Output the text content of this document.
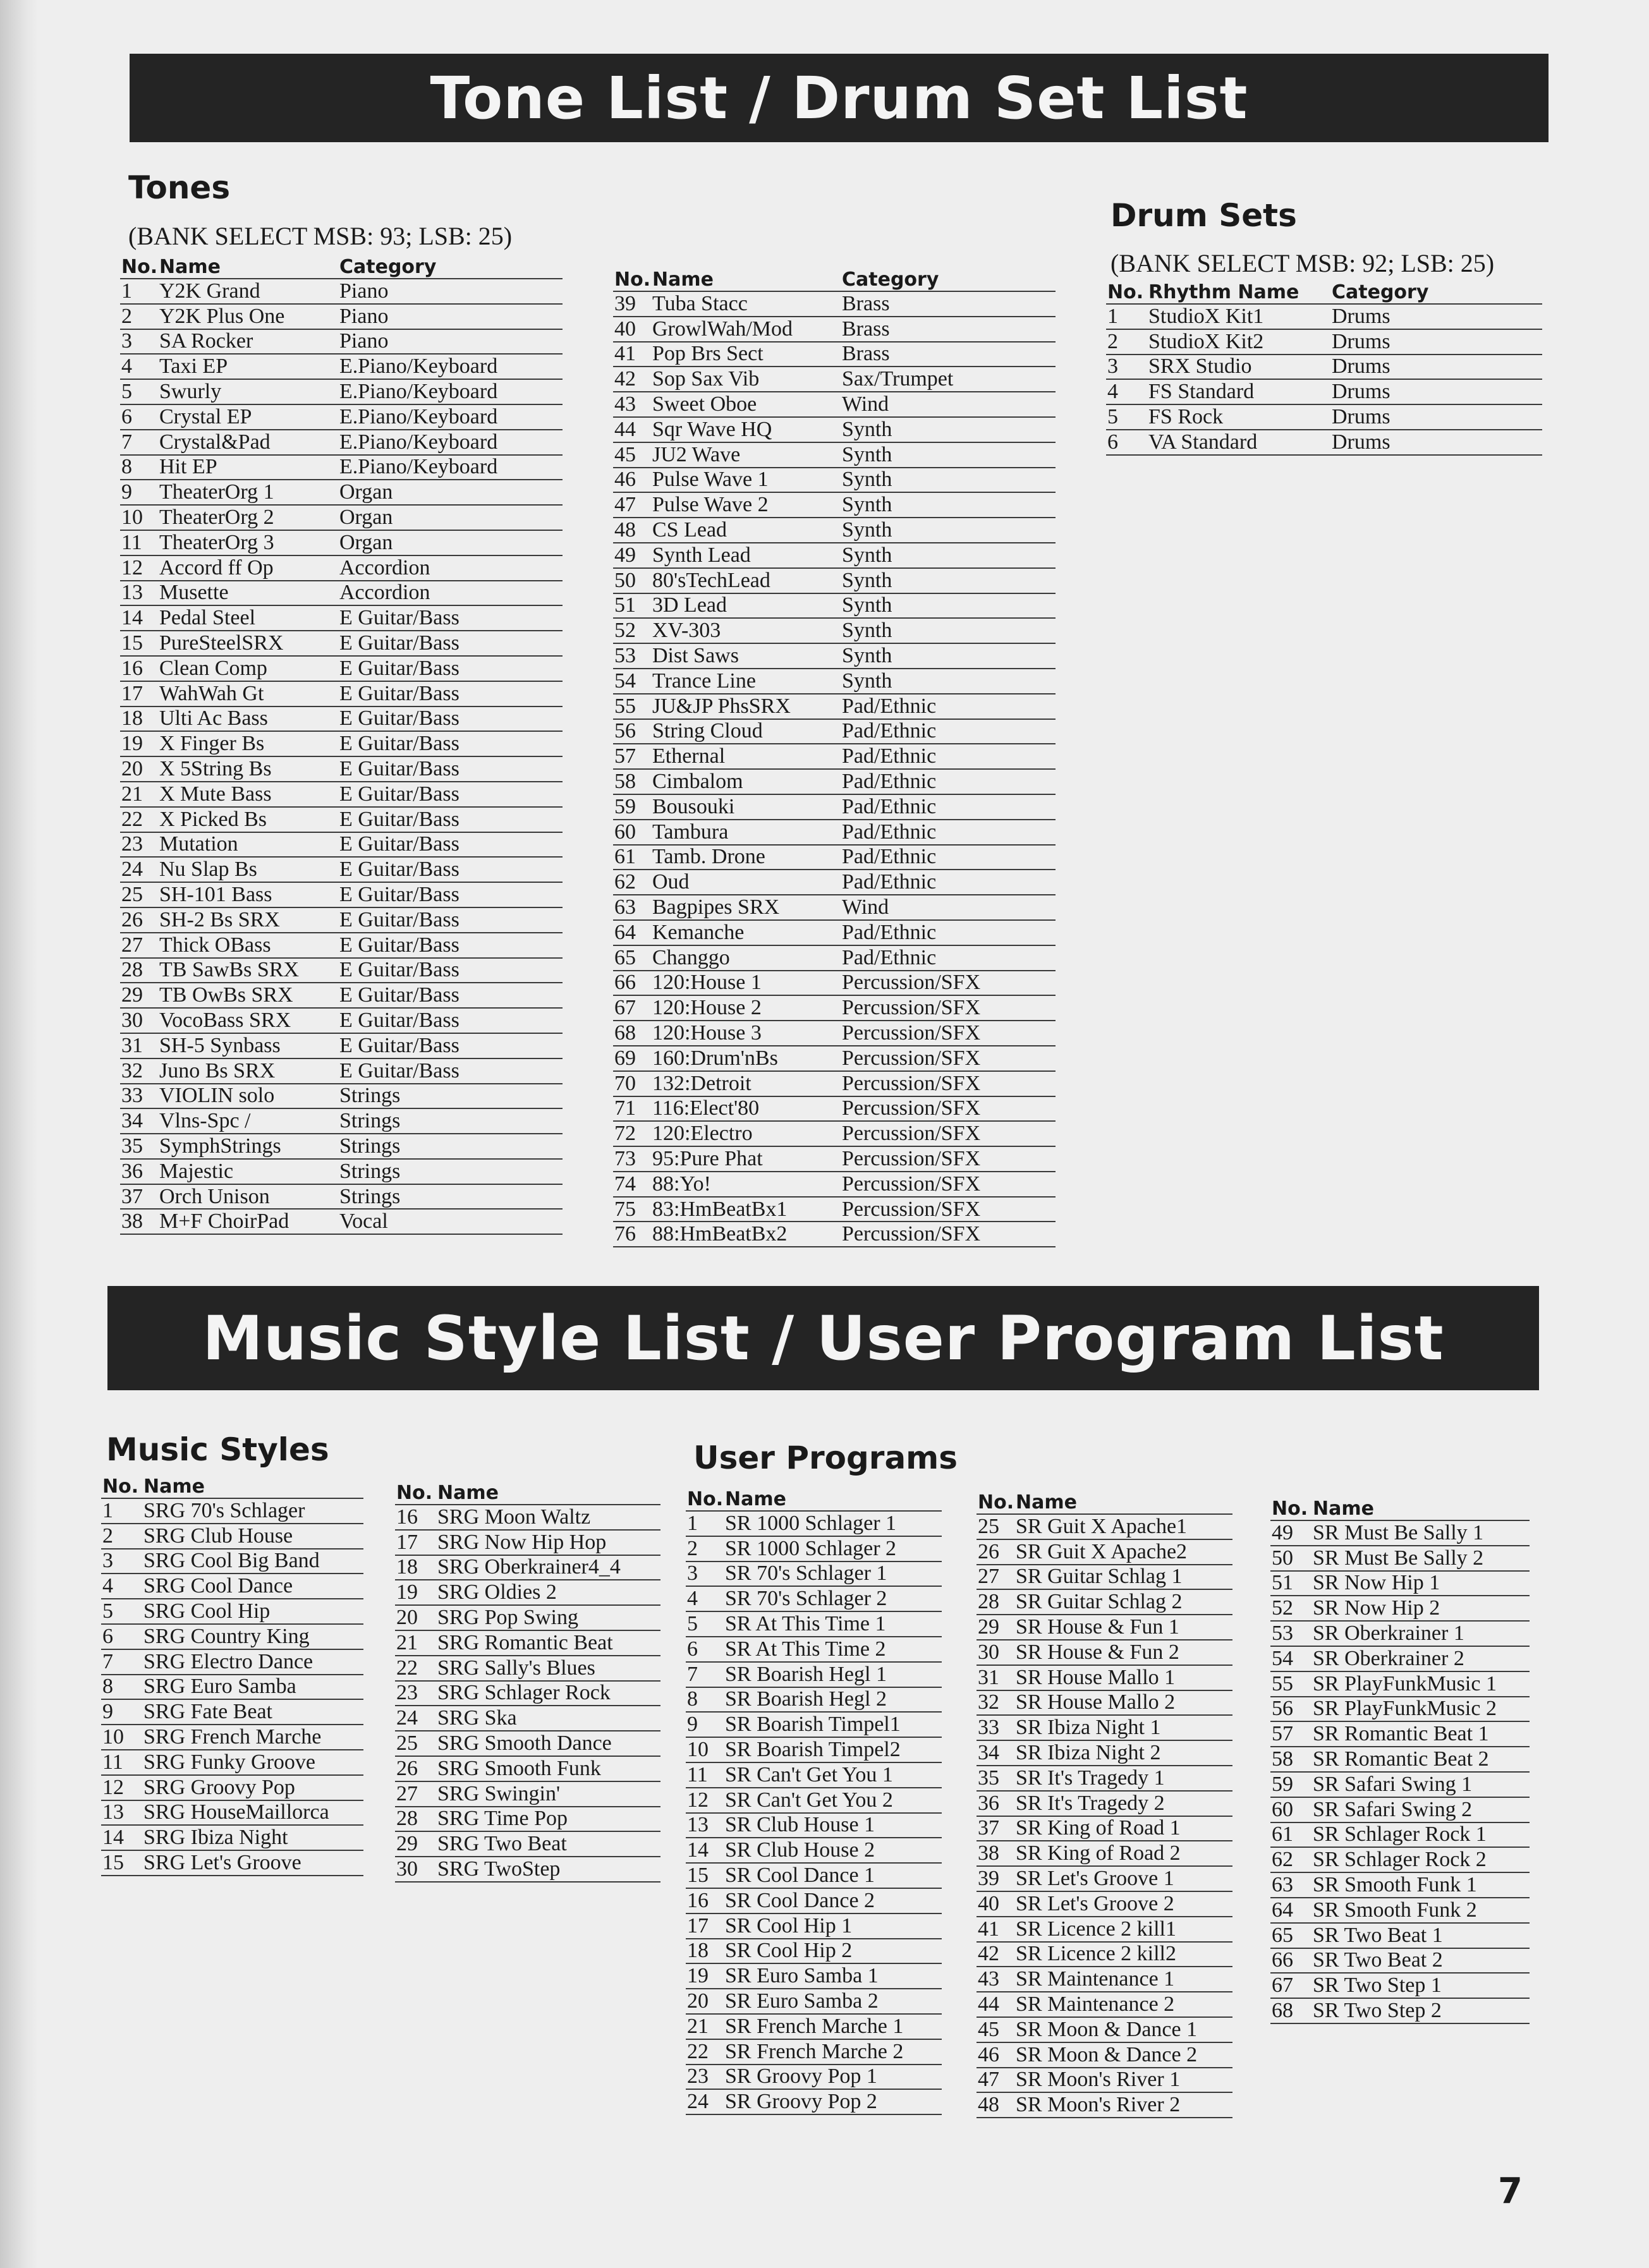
Tone List / Drum Set List
Tones
(BANK SELECT MSB: 93; LSB: 25)
No.	Name	Category
1	Y2K Grand	Piano
2	Y2K Plus One	Piano
3	SA Rocker	Piano
4	Taxi EP	E.Piano/Keyboard
5	Swurly	E.Piano/Keyboard
6	Crystal EP	E.Piano/Keyboard
7	Crystal&Pad	E.Piano/Keyboard
8	Hit EP	E.Piano/Keyboard
9	TheaterOrg 1	Organ
10	TheaterOrg 2	Organ
11	TheaterOrg 3	Organ
12	Accord ff Op	Accordion
13	Musette	Accordion
14	Pedal Steel	E Guitar/Bass
15	PureSteelSRX	E Guitar/Bass
16	Clean Comp	E Guitar/Bass
17	WahWah Gt	E Guitar/Bass
18	Ulti Ac Bass	E Guitar/Bass
19	X Finger Bs	E Guitar/Bass
20	X 5String Bs	E Guitar/Bass
21	X Mute Bass	E Guitar/Bass
22	X Picked Bs	E Guitar/Bass
23	Mutation	E Guitar/Bass
24	Nu Slap Bs	E Guitar/Bass
25	SH-101 Bass	E Guitar/Bass
26	SH-2 Bs SRX	E Guitar/Bass
27	Thick OBass	E Guitar/Bass
28	TB SawBs SRX	E Guitar/Bass
29	TB OwBs SRX	E Guitar/Bass
30	VocoBass SRX	E Guitar/Bass
31	SH-5 Synbass	E Guitar/Bass
32	Juno Bs SRX	E Guitar/Bass
33	VIOLIN solo	Strings
34	Vlns-Spc /	Strings
35	SymphStrings	Strings
36	Majestic	Strings
37	Orch Unison	Strings
38	M+F ChoirPad	Vocal
No.	Name	Category
39	Tuba Stacc	Brass
40	GrowlWah/Mod	Brass
41	Pop Brs Sect	Brass
42	Sop Sax Vib	Sax/Trumpet
43	Sweet Oboe	Wind
44	Sqr Wave HQ	Synth
45	JU2 Wave	Synth
46	Pulse Wave 1	Synth
47	Pulse Wave 2	Synth
48	CS Lead	Synth
49	Synth Lead	Synth
50	80'sTechLead	Synth
51	3D Lead	Synth
52	XV-303	Synth
53	Dist Saws	Synth
54	Trance Line	Synth
55	JU&JP PhsSRX	Pad/Ethnic
56	String Cloud	Pad/Ethnic
57	Ethernal	Pad/Ethnic
58	Cimbalom	Pad/Ethnic
59	Bousouki	Pad/Ethnic
60	Tambura	Pad/Ethnic
61	Tamb. Drone	Pad/Ethnic
62	Oud	Pad/Ethnic
63	Bagpipes SRX	Wind
64	Kemanche	Pad/Ethnic
65	Changgo	Pad/Ethnic
66	120:House 1	Percussion/SFX
67	120:House 2	Percussion/SFX
68	120:House 3	Percussion/SFX
69	160:Drum'nBs	Percussion/SFX
70	132:Detroit	Percussion/SFX
71	116:Elect'80	Percussion/SFX
72	120:Electro	Percussion/SFX
73	95:Pure Phat	Percussion/SFX
74	88:Yo!	Percussion/SFX
75	83:HmBeatBx1	Percussion/SFX
76	88:HmBeatBx2	Percussion/SFX
Drum Sets
(BANK SELECT MSB: 92; LSB: 25)
No.	Rhythm Name	Category
1	StudioX Kit1	Drums
2	StudioX Kit2	Drums
3	SRX Studio	Drums
4	FS Standard	Drums
5	FS Rock	Drums
6	VA Standard	Drums
Music Style List / User Program List
Music Styles
No.	Name
1	SRG 70's Schlager
2	SRG Club House
3	SRG Cool Big Band
4	SRG Cool Dance
5	SRG Cool Hip
6	SRG Country King
7	SRG Electro Dance
8	SRG Euro Samba
9	SRG Fate Beat
10	SRG French Marche
11	SRG Funky Groove
12	SRG Groovy Pop
13	SRG HouseMaillorca
14	SRG Ibiza Night
15	SRG Let's Groove
No.	Name
16	SRG Moon Waltz
17	SRG Now Hip Hop
18	SRG Oberkrainer4_4
19	SRG Oldies 2
20	SRG Pop Swing
21	SRG Romantic Beat
22	SRG Sally's Blues
23	SRG Schlager Rock
24	SRG Ska
25	SRG Smooth Dance
26	SRG Smooth Funk
27	SRG Swingin'
28	SRG Time Pop
29	SRG Two Beat
30	SRG TwoStep
User Programs
No.	Name
1	SR 1000 Schlager 1
2	SR 1000 Schlager 2
3	SR 70's Schlager 1
4	SR 70's Schlager 2
5	SR At This Time 1
6	SR At This Time 2
7	SR Boarish Hegl 1
8	SR Boarish Hegl 2
9	SR Boarish Timpel1
10	SR Boarish Timpel2
11	SR Can't Get You 1
12	SR Can't Get You 2
13	SR Club House 1
14	SR Club House 2
15	SR Cool Dance 1
16	SR Cool Dance 2
17	SR Cool Hip 1
18	SR Cool Hip 2
19	SR Euro Samba 1
20	SR Euro Samba 2
21	SR French Marche 1
22	SR French Marche 2
23	SR Groovy Pop 1
24	SR Groovy Pop 2
No.	Name
25	SR Guit X Apache1
26	SR Guit X Apache2
27	SR Guitar Schlag 1
28	SR Guitar Schlag 2
29	SR House & Fun 1
30	SR House & Fun 2
31	SR House Mallo 1
32	SR House Mallo 2
33	SR Ibiza Night 1
34	SR Ibiza Night 2
35	SR It's Tragedy 1
36	SR It's Tragedy 2
37	SR King of Road 1
38	SR King of Road 2
39	SR Let's Groove 1
40	SR Let's Groove 2
41	SR Licence 2 kill1
42	SR Licence 2 kill2
43	SR Maintenance 1
44	SR Maintenance 2
45	SR Moon & Dance 1
46	SR Moon & Dance 2
47	SR Moon's River 1
48	SR Moon's River 2
No.	Name
49	SR Must Be Sally 1
50	SR Must Be Sally 2
51	SR Now Hip 1
52	SR Now Hip 2
53	SR Oberkrainer 1
54	SR Oberkrainer 2
55	SR PlayFunkMusic 1
56	SR PlayFunkMusic 2
57	SR Romantic Beat 1
58	SR Romantic Beat 2
59	SR Safari Swing 1
60	SR Safari Swing 2
61	SR Schlager Rock 1
62	SR Schlager Rock 2
63	SR Smooth Funk 1
64	SR Smooth Funk 2
65	SR Two Beat 1
66	SR Two Beat 2
67	SR Two Step 1
68	SR Two Step 2
7
